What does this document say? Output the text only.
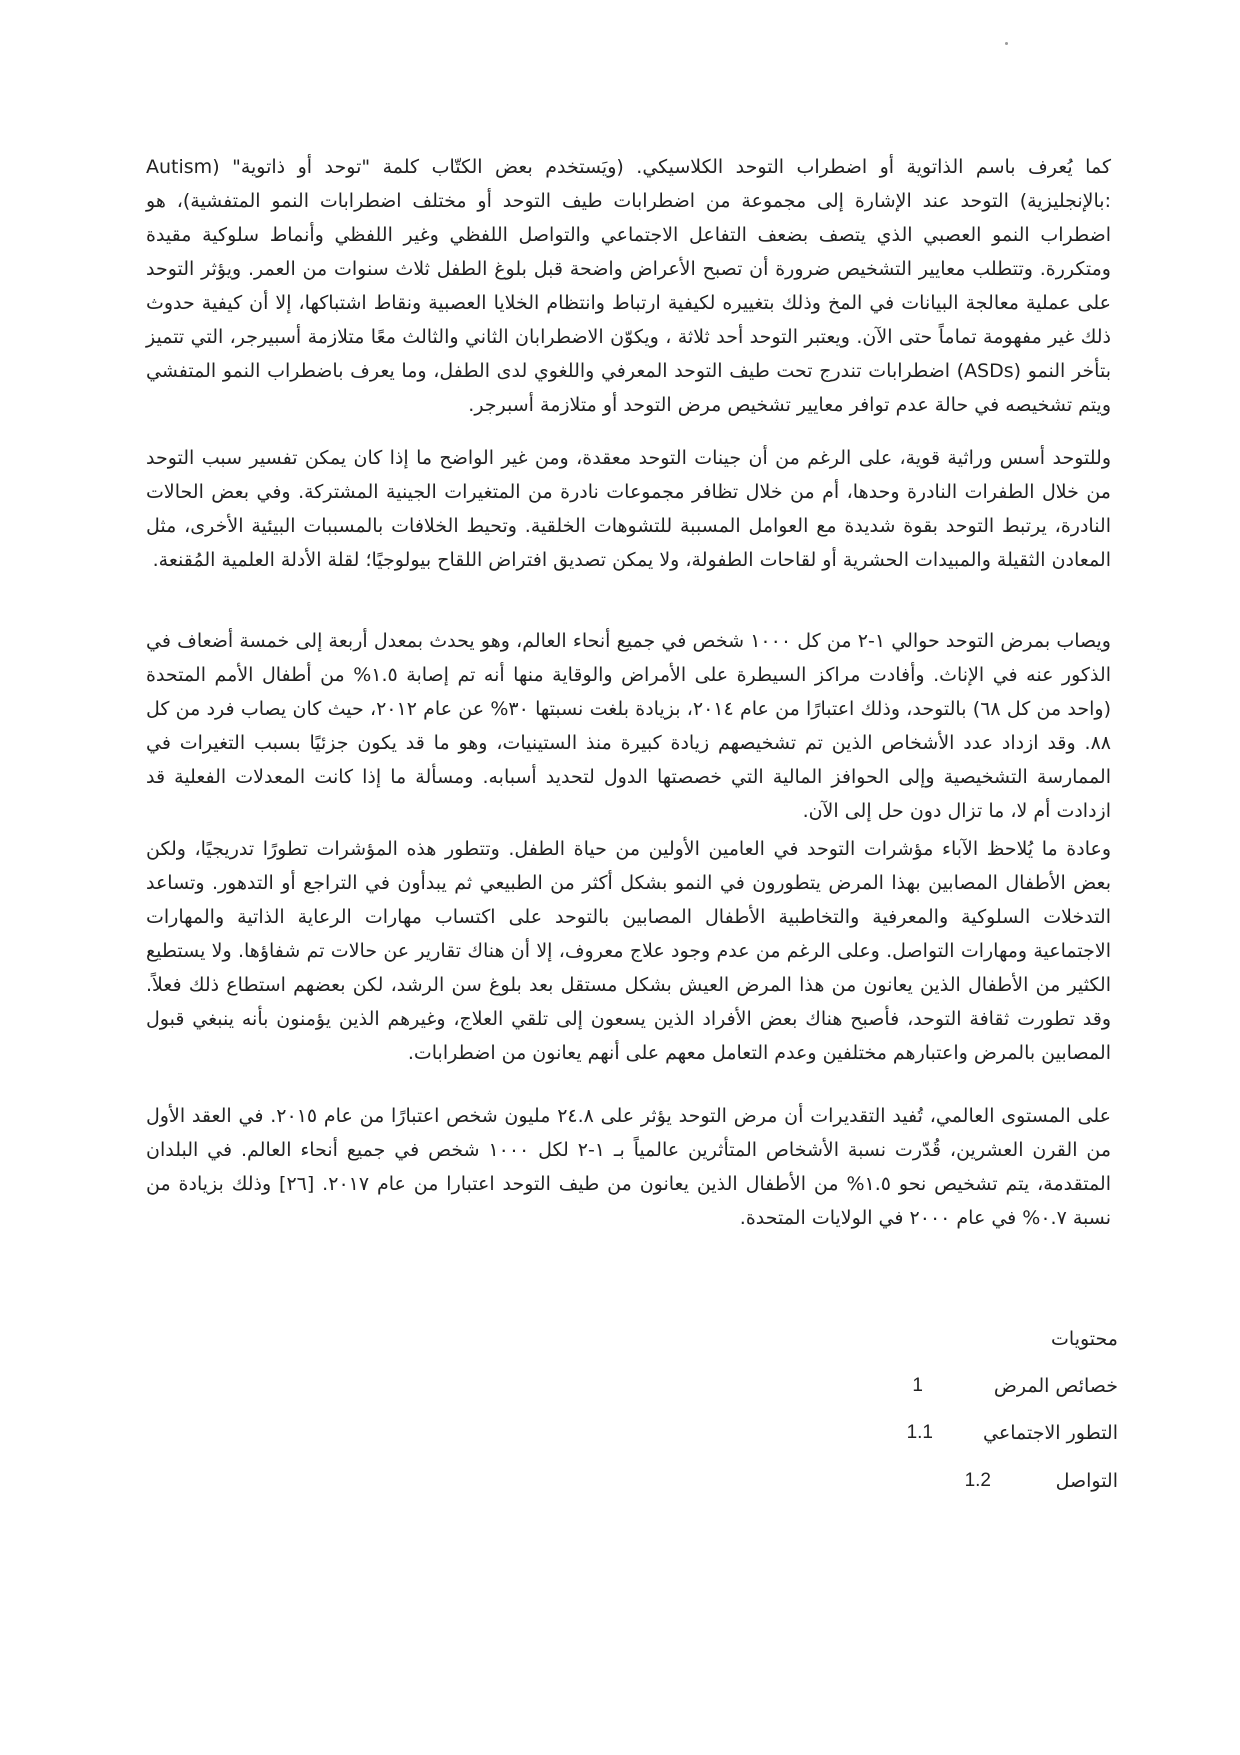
كما يُعرف باسم الذاتوية أو اضطراب التوحد الكلاسيكي. (ويَستخدم بعض الكتّاب كلمة "توحد أو ذاتوية" (Autism :بالإنجليزية) التوحد عند الإشارة إلى مجموعة من اضطرابات طيف التوحد أو مختلف اضطرابات النمو المتفشية)، هو اضطراب النمو العصبي الذي يتصف بضعف التفاعل الاجتماعي والتواصل اللفظي وغير اللفظي وأنماط سلوكية مقيدة ومتكررة. وتتطلب معايير التشخيص ضرورة أن تصبح الأعراض واضحة قبل بلوغ الطفل ثلاث سنوات من العمر. ويؤثر التوحد على عملية معالجة البيانات في المخ وذلك بتغييره لكيفية ارتباط وانتظام الخلايا العصبية ونقاط اشتباكها، إلا أن كيفية حدوث ذلك غير مفهومة تماماً حتى الآن. ويعتبر التوحد أحد ثلاثة ، ويكوّن الاضطرابان الثاني والثالث معًا متلازمة أسبيرجر، التي تتميز بتأخر النمو (ASDs) اضطرابات تندرج تحت طيف التوحد المعرفي واللغوي لدى الطفل، وما يعرف باضطراب النمو المتفشي ويتم تشخيصه في حالة عدم توافر معايير تشخيص مرض التوحد أو متلازمة أسبرجر.

وللتوحد أسس وراثية قوية، على الرغم من أن جينات التوحد معقدة، ومن غير الواضح ما إذا كان يمكن تفسير سبب التوحد من خلال الطفرات النادرة وحدها، أم من خلال تظافر مجموعات نادرة من المتغيرات الجينية المشتركة. وفي بعض الحالات النادرة، يرتبط التوحد بقوة شديدة مع العوامل المسببة للتشوهات الخلقية. وتحيط الخلافات بالمسببات البيئية الأخرى، مثل المعادن الثقيلة والمبيدات الحشرية أو لقاحات الطفولة، ولا يمكن تصديق افتراض اللقاح بيولوجيًا؛ لقلة الأدلة العلمية المُقنعة.

ويصاب بمرض التوحد حوالي ١-٢ من كل ١٠٠٠ شخص في جميع أنحاء العالم، وهو يحدث بمعدل أربعة إلى خمسة أضعاف في الذكور عنه في الإناث. وأفادت مراكز السيطرة على الأمراض والوقاية منها أنه تم إصابة ١.٥% من أطفال الأمم المتحدة (واحد من كل ٦٨) بالتوحد، وذلك اعتبارًا من عام ٢٠١٤، بزيادة بلغت نسبتها ٣٠% عن عام ٢٠١٢، حيث كان يصاب فرد من كل ٨٨. وقد ازداد عدد الأشخاص الذين تم تشخيصهم زيادة كبيرة منذ الستينيات، وهو ما قد يكون جزئيًا بسبب التغيرات في الممارسة التشخيصية وإلى الحوافز المالية التي خصصتها الدول لتحديد أسبابه. ومسألة ما إذا كانت المعدلات الفعلية قد ازدادت أم لا، ما تزال دون حل إلى الآن.

وعادة ما يُلاحظ الآباء مؤشرات التوحد في العامين الأولين من حياة الطفل. وتتطور هذه المؤشرات تطورًا تدريجيًا، ولكن بعض الأطفال المصابين بهذا المرض يتطورون في النمو بشكل أكثر من الطبيعي ثم يبدأون في التراجع أو التدهور. وتساعد التدخلات السلوكية والمعرفية والتخاطبية الأطفال المصابين بالتوحد على اكتساب مهارات الرعاية الذاتية والمهارات الاجتماعية ومهارات التواصل. وعلى الرغم من عدم وجود علاج معروف، إلا أن هناك تقارير عن حالات تم شفاؤها. ولا يستطيع الكثير من الأطفال الذين يعانون من هذا المرض العيش بشكل مستقل بعد بلوغ سن الرشد، لكن بعضهم استطاع ذلك فعلاً. وقد تطورت ثقافة التوحد، فأصبح هناك بعض الأفراد الذين يسعون إلى تلقي العلاج، وغيرهم الذين يؤمنون بأنه ينبغي قبول المصابين بالمرض واعتبارهم مختلفين وعدم التعامل معهم على أنهم يعانون من اضطرابات.

على المستوى العالمي، تُفيد التقديرات أن مرض التوحد يؤثر على ٢٤.٨ مليون شخص اعتبارًا من عام ٢٠١٥. في العقد الأول من القرن العشرين، قُدّرت نسبة الأشخاص المتأثرين عالمياً بـ ١-٢ لكل ١٠٠٠ شخص في جميع أنحاء العالم. في البلدان المتقدمة، يتم تشخيص نحو ١.٥% من الأطفال الذين يعانون من طيف التوحد اعتبارا من عام ٢٠١٧. [٢٦] وذلك بزيادة من نسبة ٠.٧% في عام ٢٠٠٠ في الولايات المتحدة.

محتويات
خصائص المرض
1
التطور الاجتماعي
1.1
التواصل
1.2
